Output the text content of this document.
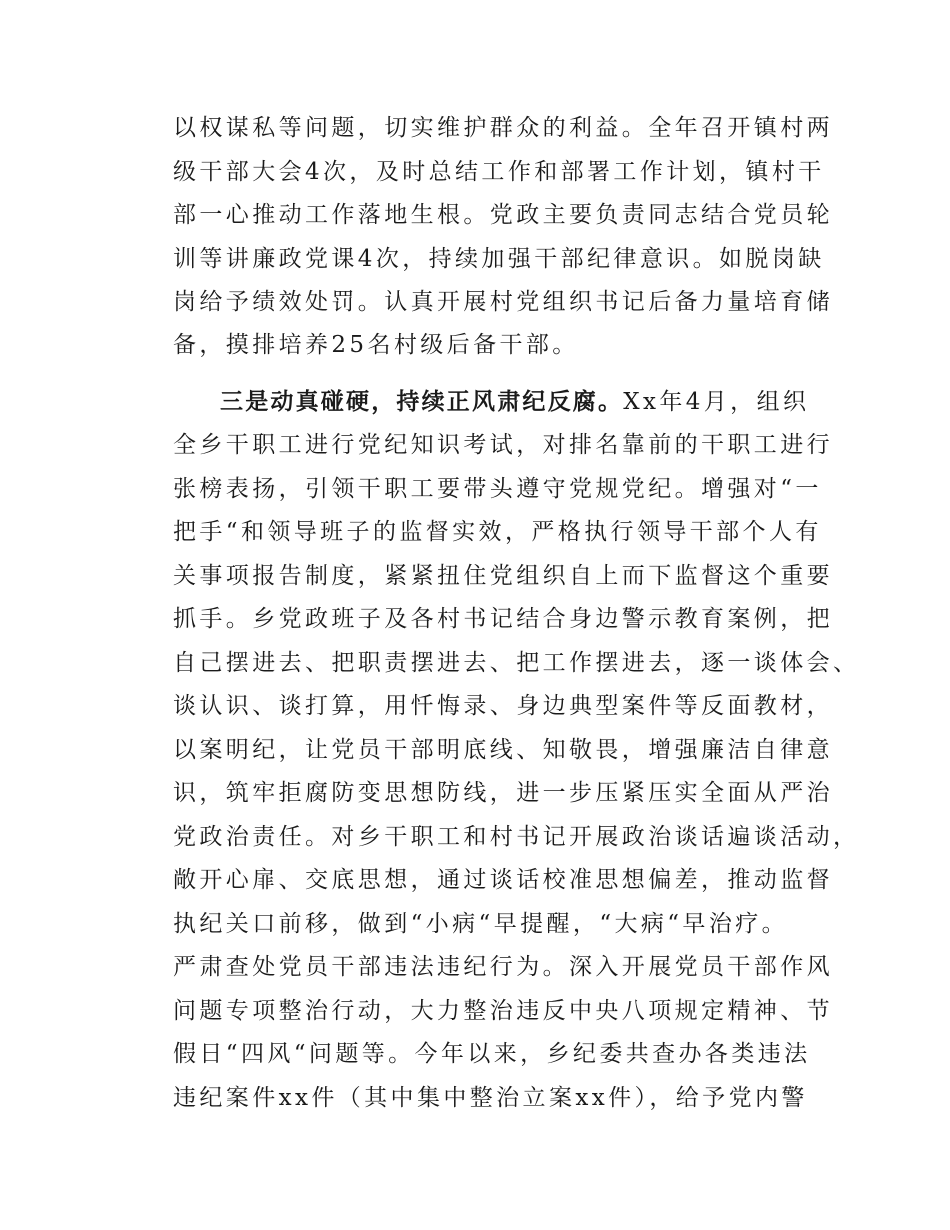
以权谋私等问题，切实维护群众的利益。全年召开镇村两
级干部大会4次，及时总结工作和部署工作计划，镇村干
部一心推动工作落地生根。党政主要负责同志结合党员轮
训等讲廉政党课4次，持续加强干部纪律意识。如脱岗缺
岗给予绩效处罚。认真开展村党组织书记后备力量培育储
备，摸排培养25名村级后备干部。
三是动真碰硬，持续正风肃纪反腐。Xx年4月，组织
全乡干职工进行党纪知识考试，对排名靠前的干职工进行
张榜表扬，引领干职工要带头遵守党规党纪。增强对“一
把手“和领导班子的监督实效，严格执行领导干部个人有
关事项报告制度，紧紧扭住党组织自上而下监督这个重要
抓手。乡党政班子及各村书记结合身边警示教育案例，把
自己摆进去、把职责摆进去、把工作摆进去，逐一谈体会、
谈认识、谈打算，用忏悔录、身边典型案件等反面教材，
以案明纪，让党员干部明底线、知敬畏，增强廉洁自律意
识，筑牢拒腐防变思想防线，进一步压紧压实全面从严治
党政治责任。对乡干职工和村书记开展政治谈话遍谈活动，
敞开心扉、交底思想，通过谈话校准思想偏差，推动监督
执纪关口前移，做到“小病“早提醒，“大病“早治疗。
严肃查处党员干部违法违纪行为。深入开展党员干部作风
问题专项整治行动，大力整治违反中央八项规定精神、节
假日“四风“问题等。今年以来，乡纪委共查办各类违法
违纪案件xx件（其中集中整治立案xx件），给予党内警
